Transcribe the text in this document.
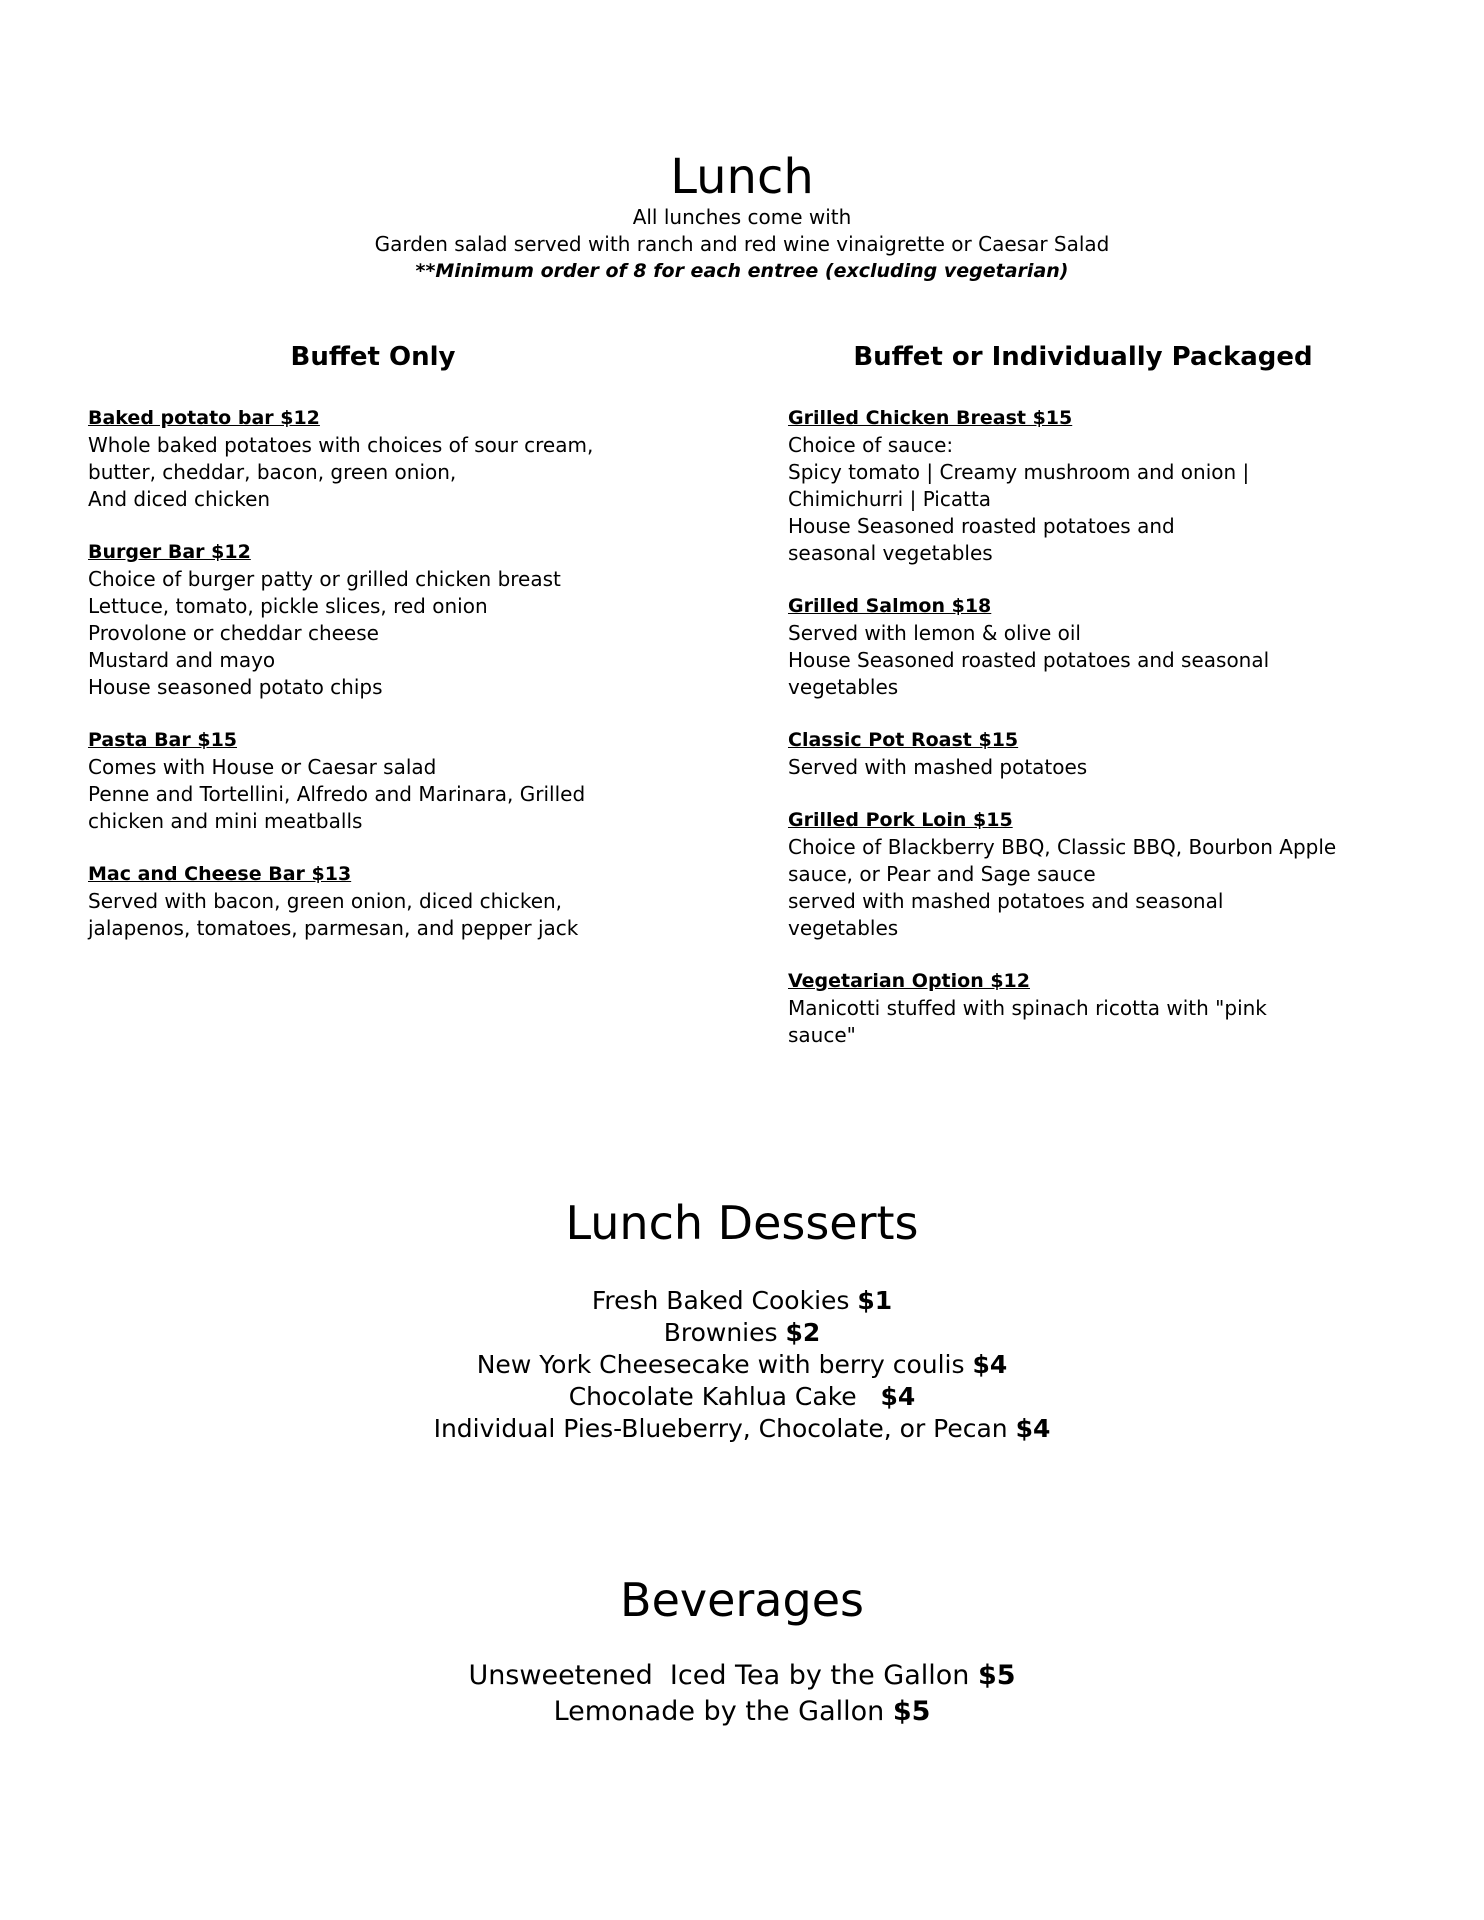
Lunch
All lunches come with
Garden salad served with ranch and red wine vinaigrette or Caesar Salad
**Minimum order of 8 for each entree (excluding vegetarian)
Buffet Only	Buffet or Individually Packaged
Baked potato bar $12
Whole baked potatoes with choices of sour cream,
butter, cheddar, bacon, green onion,
And diced chicken
Burger Bar $12
Choice of burger patty or grilled chicken breast
Lettuce, tomato, pickle slices, red onion
Provolone or cheddar cheese
Mustard and mayo
House seasoned potato chips
Pasta Bar $15
Comes with House or Caesar salad
Penne and Tortellini, Alfredo and Marinara, Grilled
chicken and mini meatballs
Mac and Cheese Bar $13
Served with bacon, green onion, diced chicken,
jalapenos, tomatoes, parmesan, and pepper jack
Grilled Chicken Breast $15
Choice of sauce:
Spicy tomato | Creamy mushroom and onion |
Chimichurri | Picatta
House Seasoned roasted potatoes and
seasonal vegetables
Grilled Salmon $18
Served with lemon & olive oil
House Seasoned roasted potatoes and seasonal
vegetables
Classic Pot Roast $15
Served with mashed potatoes
Grilled Pork Loin $15
Choice of Blackberry BBQ, Classic BBQ, Bourbon Apple
sauce, or Pear and Sage sauce
served with mashed potatoes and seasonal
vegetables
Vegetarian Option $12
Manicotti stuffed with spinach ricotta with "pink
sauce"
Lunch Desserts
Fresh Baked Cookies $1
Brownies $2
New York Cheesecake with berry coulis $4
Chocolate Kahlua Cake   $4
Individual Pies-Blueberry, Chocolate, or Pecan $4
Beverages
Unsweetened  Iced Tea by the Gallon $5
Lemonade by the Gallon $5
